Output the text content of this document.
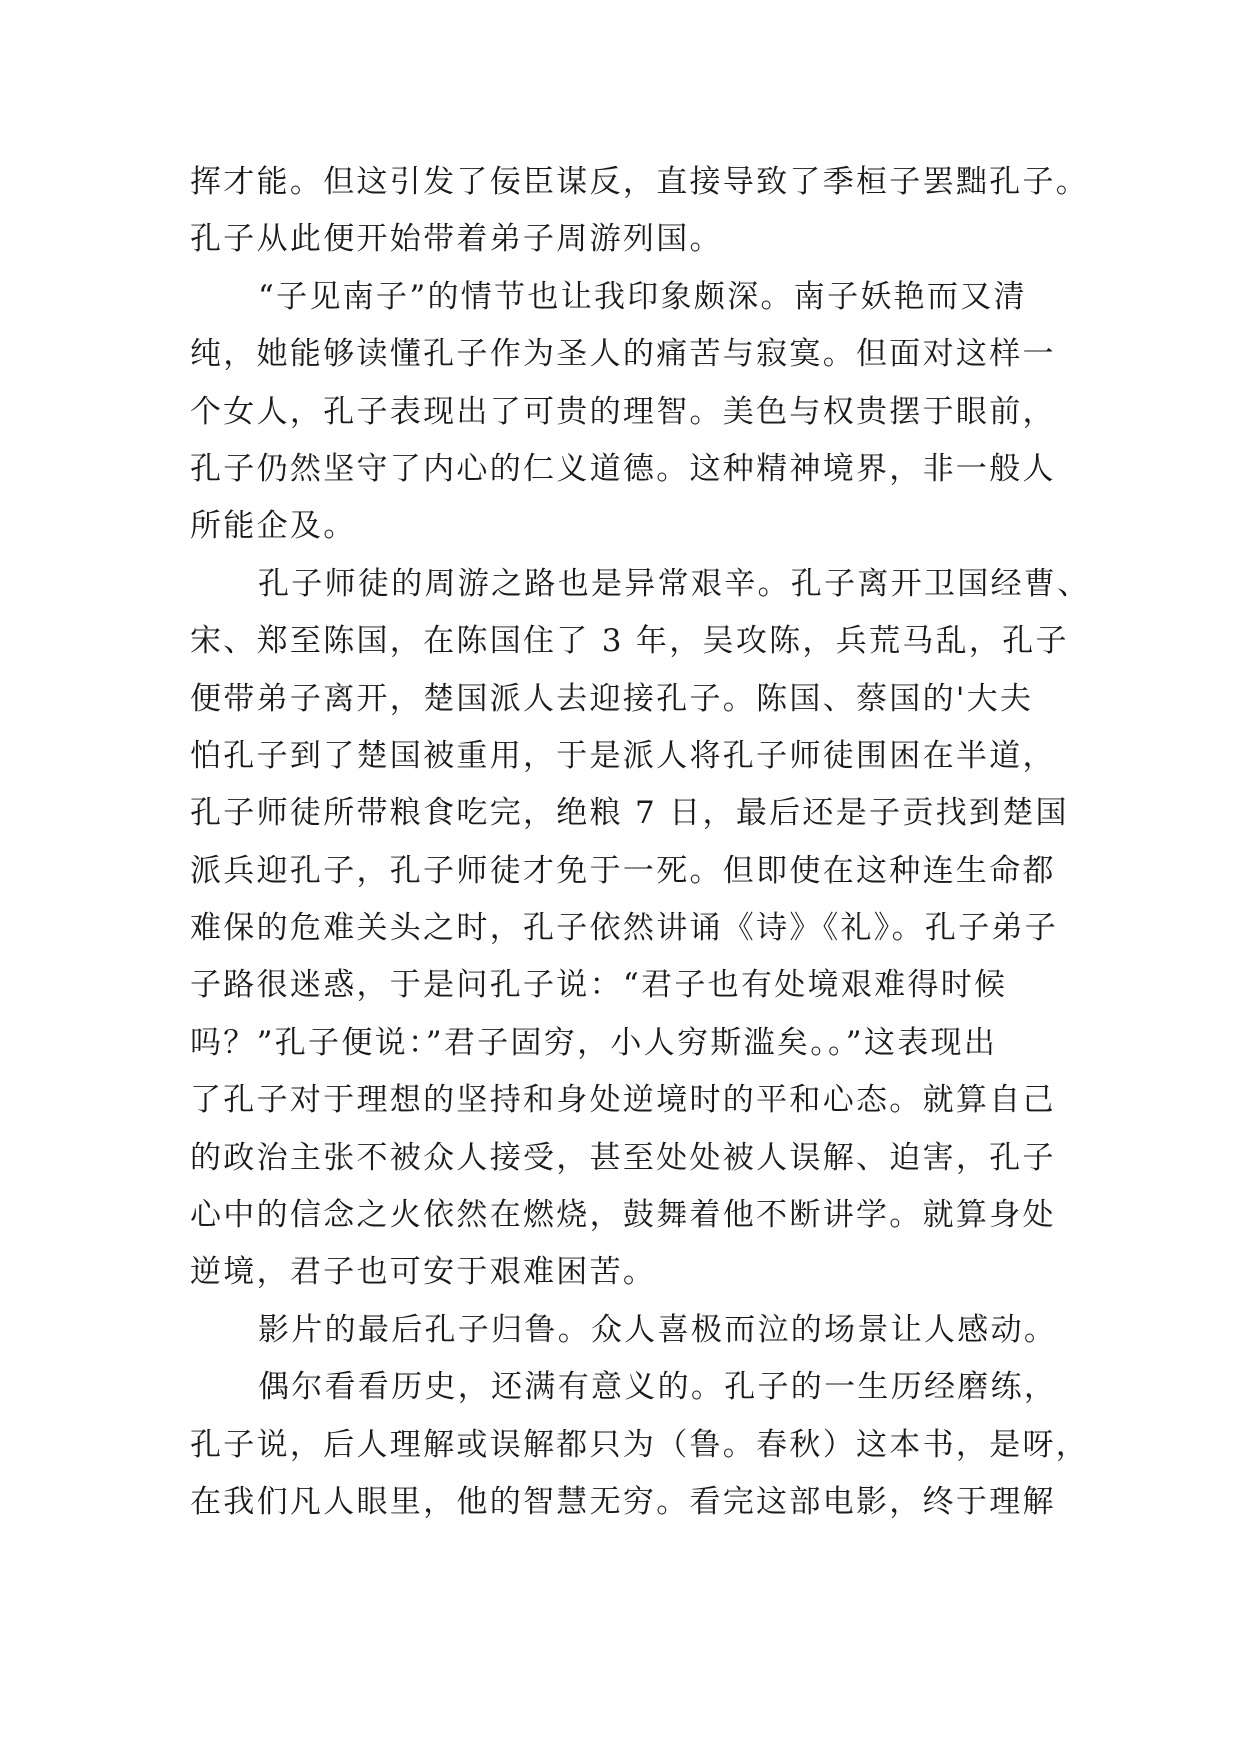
挥才能。但这引发了佞臣谋反，直接导致了季桓子罢黜孔子。
孔子从此便开始带着弟子周游列国。
“子见南子”的情节也让我印象颇深。南子妖艳而又清
纯，她能够读懂孔子作为圣人的痛苦与寂寞。但面对这样一
个女人，孔子表现出了可贵的理智。美色与权贵摆于眼前，
孔子仍然坚守了内心的仁义道德。这种精神境界，非一般人
所能企及。
孔子师徒的周游之路也是异常艰辛。孔子离开卫国经曹、
宋、郑至陈国，在陈国住了 3 年，吴攻陈，兵荒马乱，孔子
便带弟子离开，楚国派人去迎接孔子。陈国、蔡国的'大夫
怕孔子到了楚国被重用，于是派人将孔子师徒围困在半道，
孔子师徒所带粮食吃完，绝粮 7 日，最后还是子贡找到楚国
派兵迎孔子，孔子师徒才免于一死。但即使在这种连生命都
难保的危难关头之时，孔子依然讲诵《诗》《礼》。孔子弟子
子路很迷惑，于是问孔子说：“君子也有处境艰难得时候
吗？”孔子便说：”君子固穷，小人穷斯滥矣。。”这表现出
了孔子对于理想的坚持和身处逆境时的平和心态。就算自己
的政治主张不被众人接受，甚至处处被人误解、迫害，孔子
心中的信念之火依然在燃烧，鼓舞着他不断讲学。就算身处
逆境，君子也可安于艰难困苦。
影片的最后孔子归鲁。众人喜极而泣的场景让人感动。
偶尔看看历史，还满有意义的。孔子的一生历经磨练，
孔子说，后人理解或误解都只为（鲁。春秋）这本书，是呀，
在我们凡人眼里，他的智慧无穷。看完这部电影，终于理解
